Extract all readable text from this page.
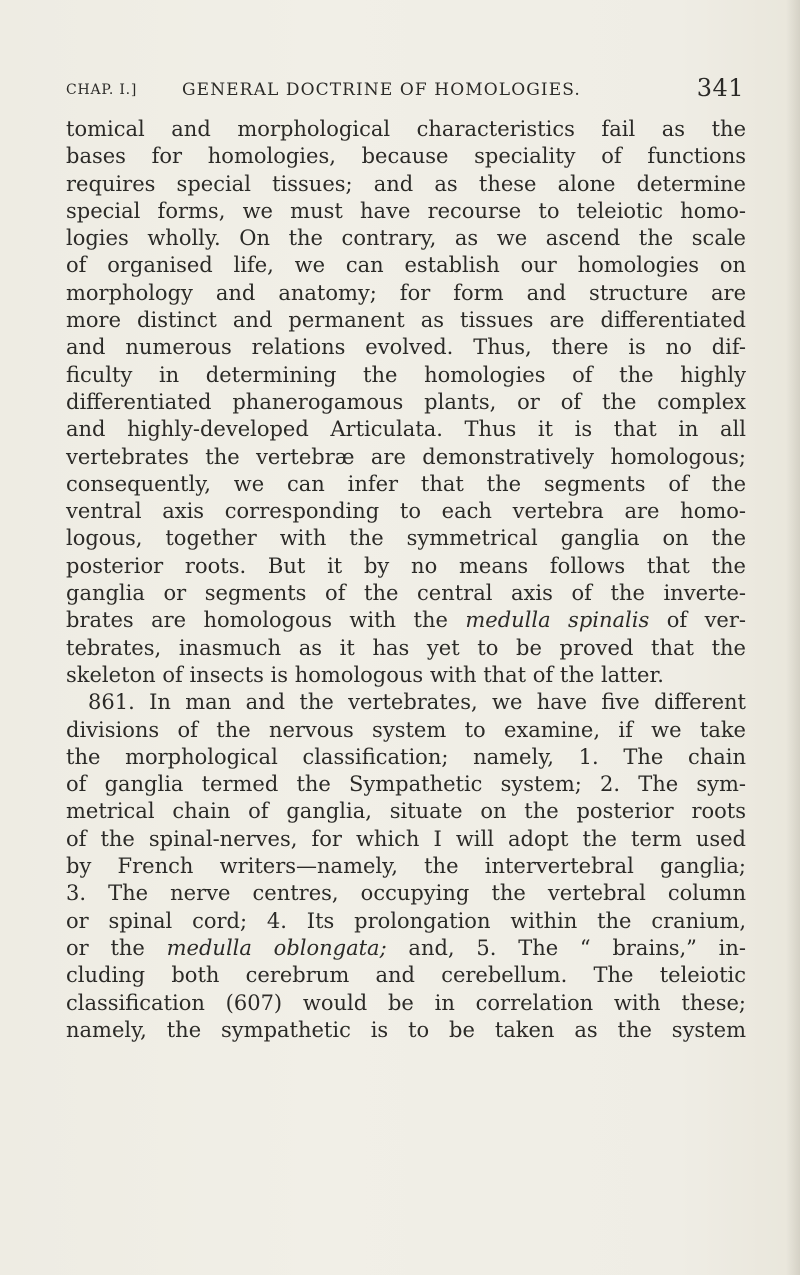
CHAP. I.]	GENERAL DOCTRINE OF HOMOLOGIES.	341
tomical and morphological characteristics fail as the
bases for homologies, because speciality of functions
requires special tissues; and as these alone determine
special forms, we must have recourse to teleiotic homo-
logies wholly. On the contrary, as we ascend the scale
of organised life, we can establish our homologies on
morphology and anatomy; for form and structure are
more distinct and permanent as tissues are differentiated
and numerous relations evolved. Thus, there is no dif-
ficulty in determining the homologies of the highly
differentiated phanerogamous plants, or of the complex
and highly-developed Articulata. Thus it is that in all
vertebrates the vertebræ are demonstratively homologous;
consequently, we can infer that the segments of the
ventral axis corresponding to each vertebra are homo-
logous, together with the symmetrical ganglia on the
posterior roots. But it by no means follows that the
ganglia or segments of the central axis of the inverte-
brates are homologous with the medulla spinalis of ver-
tebrates, inasmuch as it has yet to be proved that the
skeleton of insects is homologous with that of the latter.
861. In man and the vertebrates, we have five different
divisions of the nervous system to examine, if we take
the morphological classification; namely, 1. The chain
of ganglia termed the Sympathetic system; 2. The sym-
metrical chain of ganglia, situate on the posterior roots
of the spinal-nerves, for which I will adopt the term used
by French writers—namely, the intervertebral ganglia;
3. The nerve centres, occupying the vertebral column
or spinal cord; 4. Its prolongation within the cranium,
or the medulla oblongata; and, 5. The “ brains,” in-
cluding both cerebrum and cerebellum. The teleiotic
classification (607) would be in correlation with these;
namely, the sympathetic is to be taken as the system
